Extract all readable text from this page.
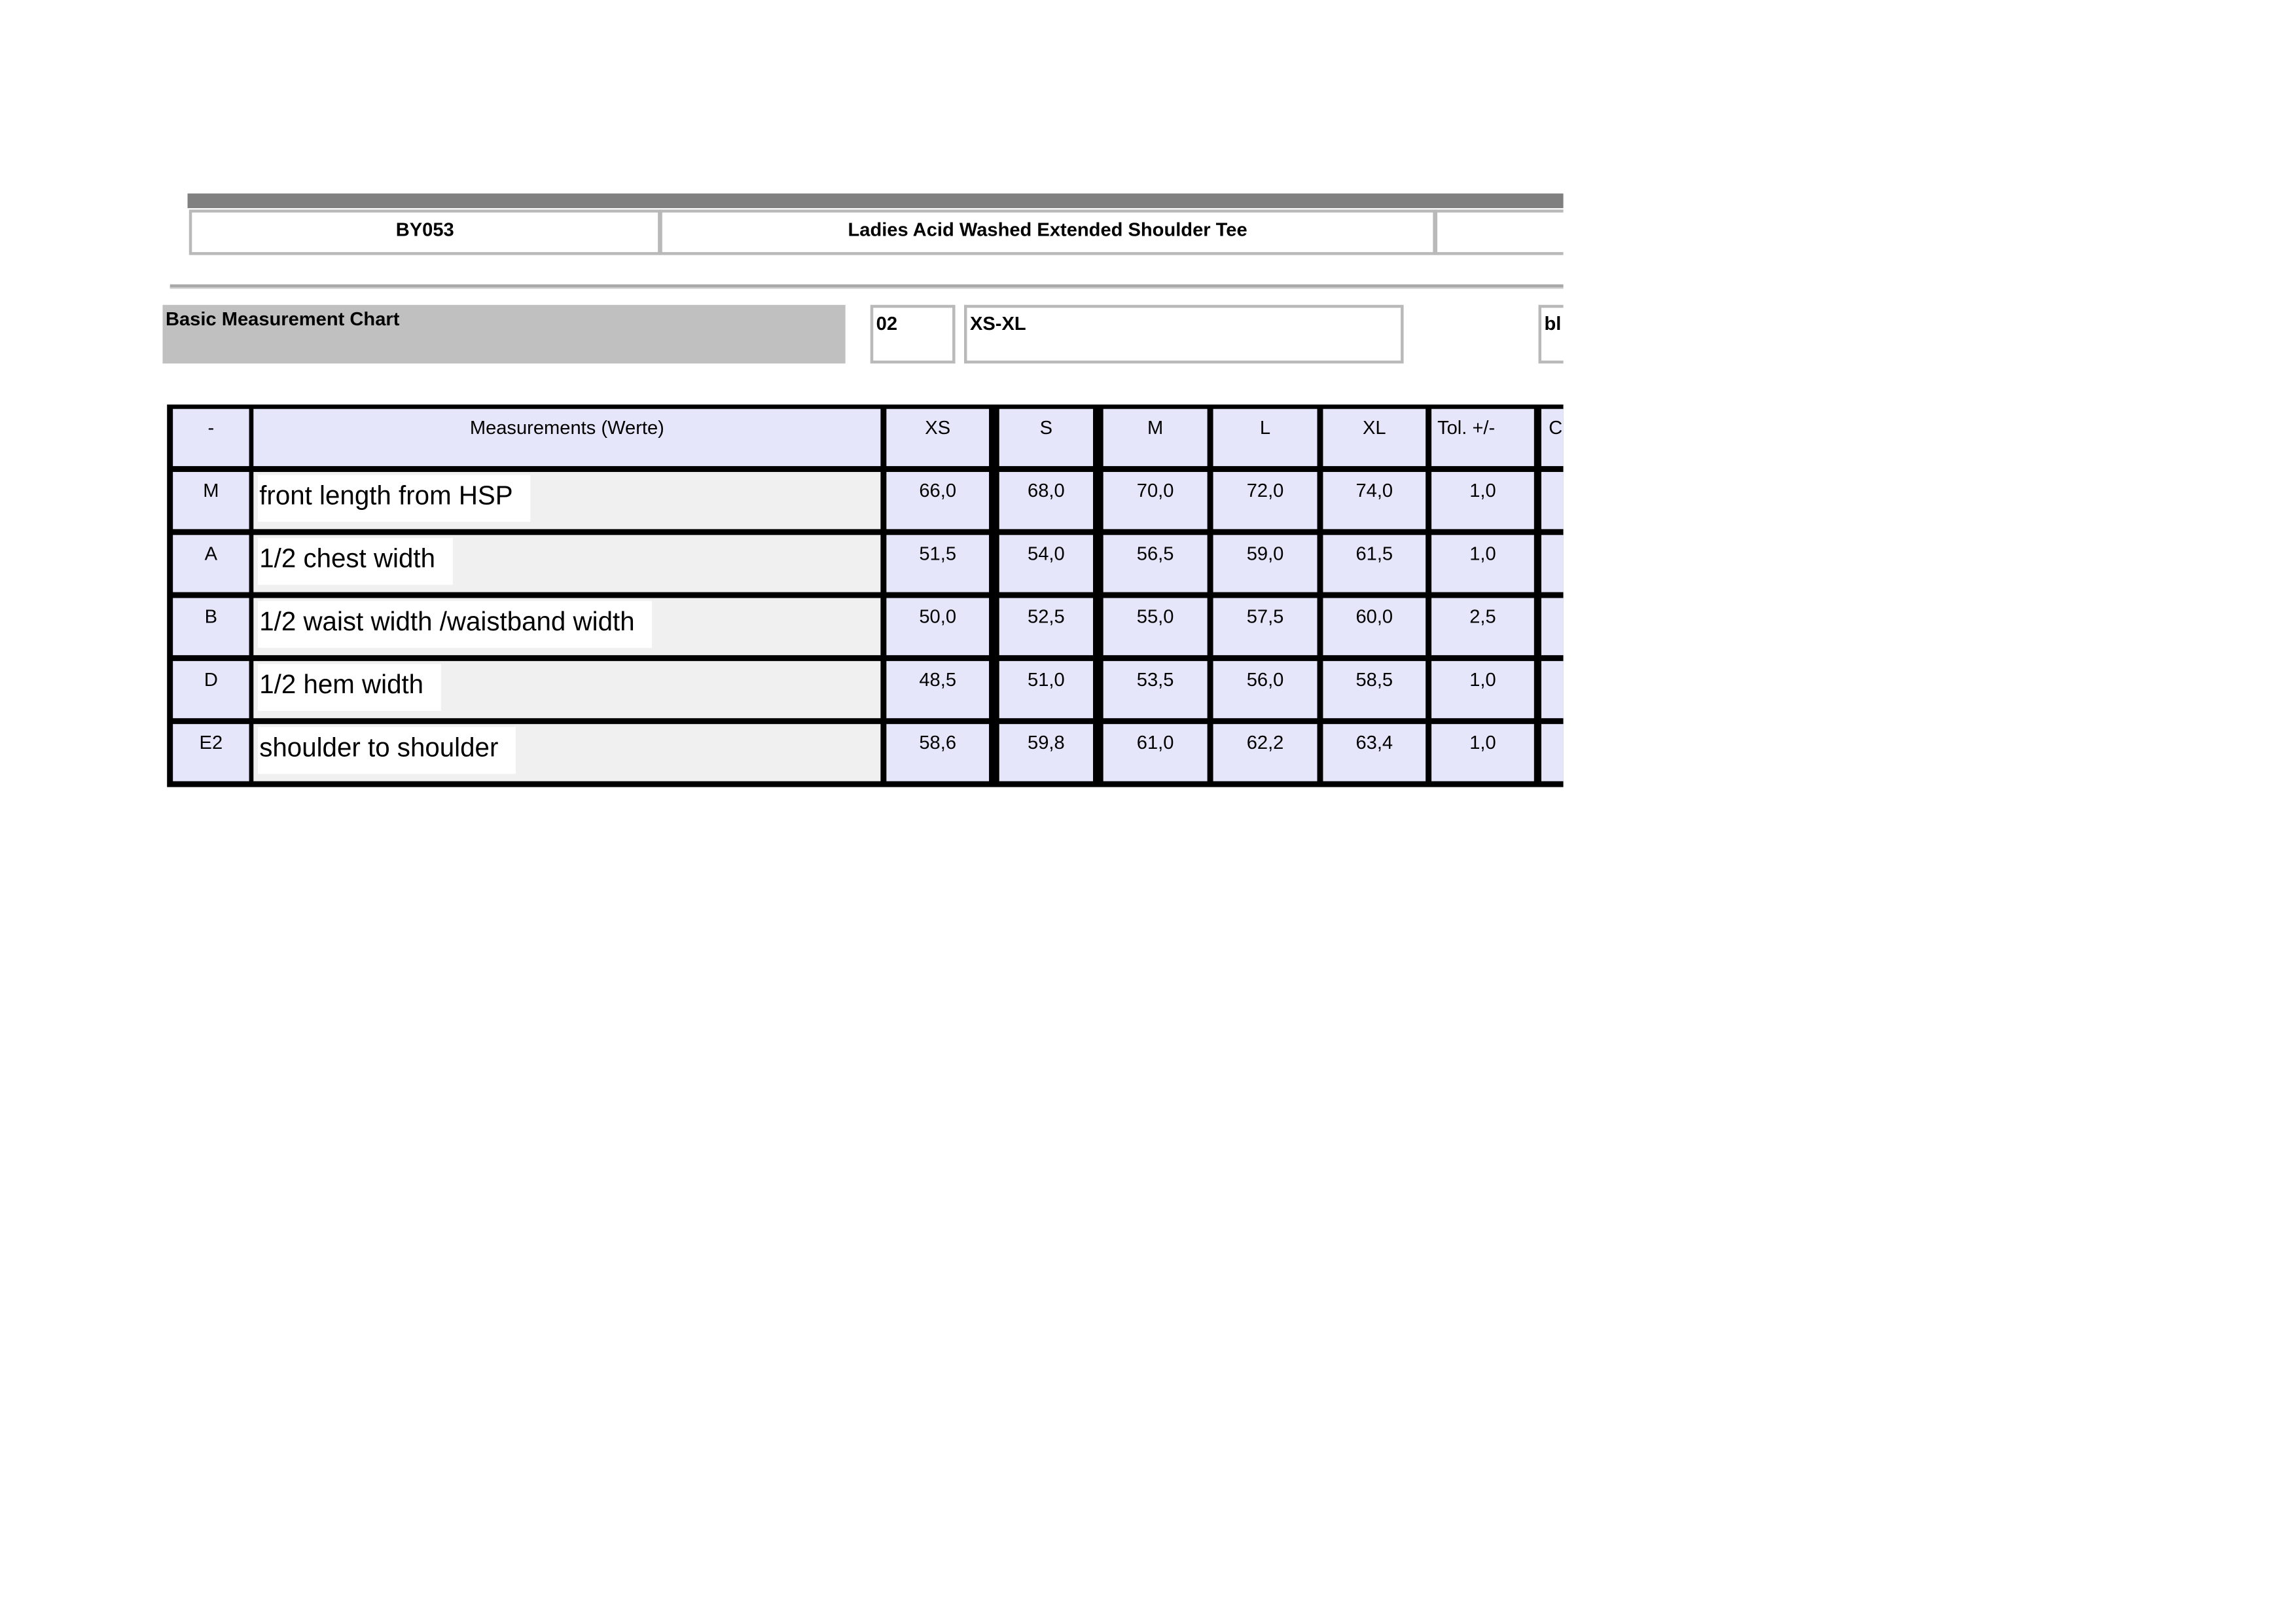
BY053	Ladies Acid Washed Extended Shoulder Tee
Basic Measurement Chart	02	XS-XL	bl
-	Measurements (Werte)	XS	S	M	L	XL	Tol. +/-	C
M	front length from HSP	66,0	68,0	70,0	72,0	74,0	1,0
A	1/2 chest width	51,5	54,0	56,5	59,0	61,5	1,0
B	1/2 waist width /waistband width	50,0	52,5	55,0	57,5	60,0	2,5
D	1/2 hem width	48,5	51,0	53,5	56,0	58,5	1,0
E2	shoulder to shoulder	58,6	59,8	61,0	62,2	63,4	1,0
